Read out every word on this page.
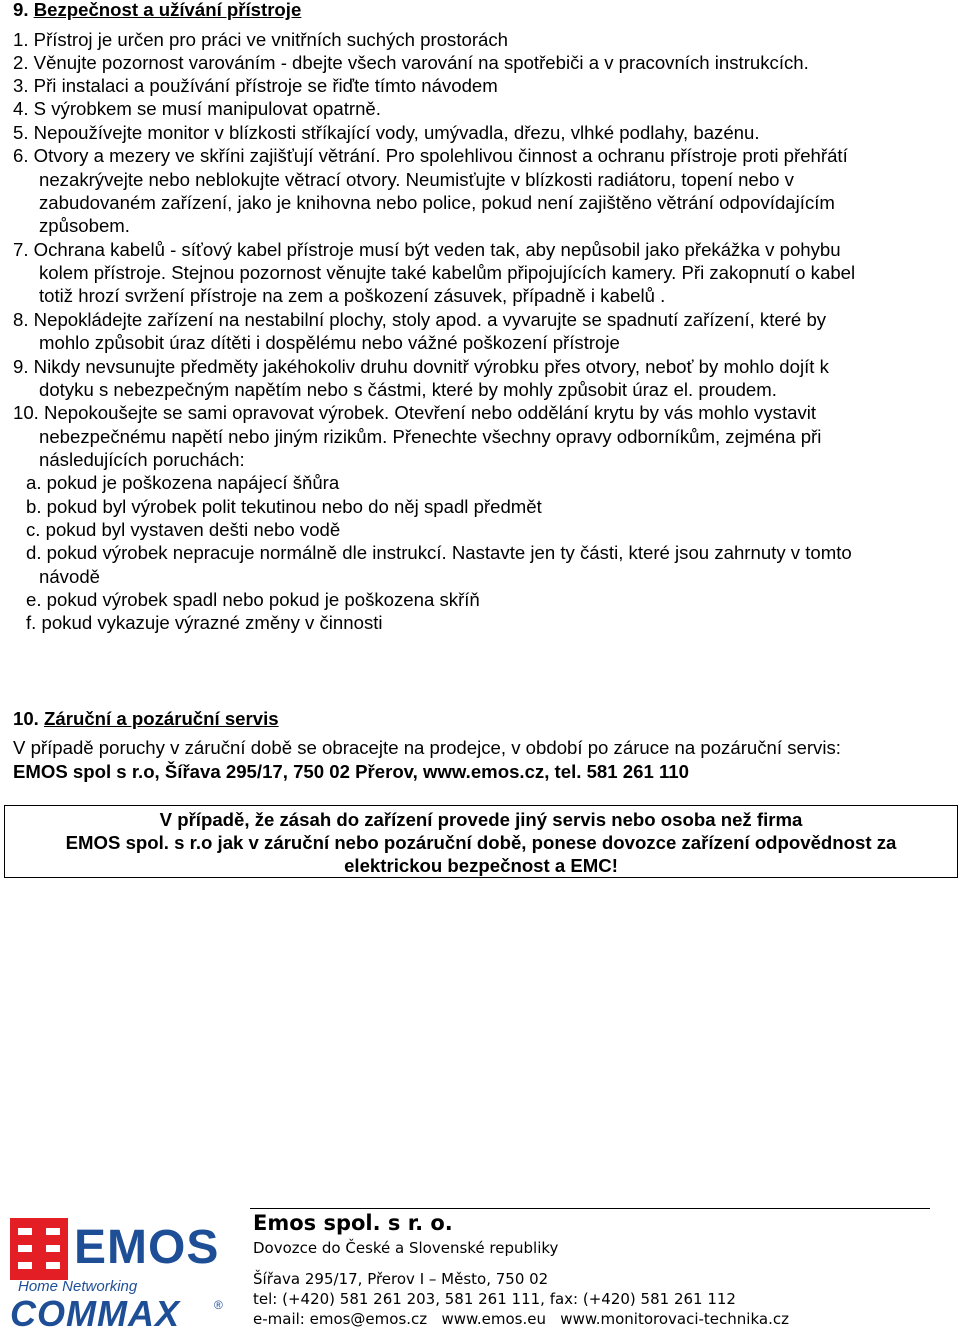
9. Bezpečnost a užívání přístroje
1. Přístroj je určen pro práci ve vnitřních suchých prostorách
2. Věnujte pozornost varováním - dbejte všech varování na spotřebiči a v pracovních instrukcích.
3. Při instalaci a používání přístroje se řiďte tímto návodem
4. S výrobkem se musí manipulovat opatrně.
5. Nepoužívejte monitor v blízkosti stříkající vody, umývadla, dřezu, vlhké podlahy, bazénu.
6. Otvory a mezery ve skříni zajišťují větrání. Pro spolehlivou činnost a ochranu přístroje proti přehřátí
nezakrývejte nebo neblokujte větrací otvory. Neumisťujte v blízkosti radiátoru, topení nebo v
zabudovaném zařízení, jako je knihovna nebo police, pokud není zajištěno větrání odpovídajícím
způsobem.
7. Ochrana kabelů - síťový kabel přístroje musí být veden tak, aby nepůsobil jako překážka v pohybu
kolem přístroje. Stejnou pozornost věnujte také kabelům připojujících kamery. Při zakopnutí o kabel
totiž hrozí svržení přístroje na zem a poškození zásuvek, případně i kabelů .
8. Nepokládejte zařízení na nestabilní plochy, stoly apod. a vyvarujte se spadnutí zařízení, které by
mohlo způsobit úraz dítěti i dospělému nebo vážné poškození přístroje
9. Nikdy nevsunujte předměty jakéhokoliv druhu dovnitř výrobku přes otvory, neboť by mohlo dojít k
dotyku s nebezpečným napětím nebo s částmi, které by mohly způsobit úraz el. proudem.
10. Nepokoušejte se sami opravovat výrobek. Otevření nebo oddělání krytu by vás mohlo vystavit
nebezpečnému napětí nebo jiným rizikům. Přenechte všechny opravy odborníkům, zejména při
následujících poruchách:
a. pokud je poškozena napájecí šňůra
b. pokud byl výrobek polit tekutinou nebo do něj spadl předmět
c. pokud byl vystaven dešti nebo vodě
d. pokud výrobek nepracuje normálně dle instrukcí. Nastavte jen ty části, které jsou zahrnuty v tomto
návodě
e. pokud výrobek spadl nebo pokud je poškozena skříň
f. pokud vykazuje výrazné změny v činnosti
10. Záruční a pozáruční servis
V případě poruchy v záruční době se obracejte na prodejce, v období po záruce na pozáruční servis:
EMOS spol s r.o, Šířava 295/17, 750 02 Přerov, www.emos.cz, tel. 581 261 110
V případě, že zásah do zařízení provede jiný servis nebo osoba než firma
EMOS spol. s r.o jak v záruční nebo pozáruční době, ponese dovozce zařízení odpovědnost za
elektrickou bezpečnost a EMC!
EMOS
Home Networking
COMMAX	®
Emos spol. s r. o.
Dovozce do České a Slovenské republiky
Šířava 295/17, Přerov I – Město, 750 02
tel: (+420) 581 261 203, 581 261 111, fax: (+420) 581 261 112
e-mail: emos@emos.cz   www.emos.eu   www.monitorovaci-technika.cz
